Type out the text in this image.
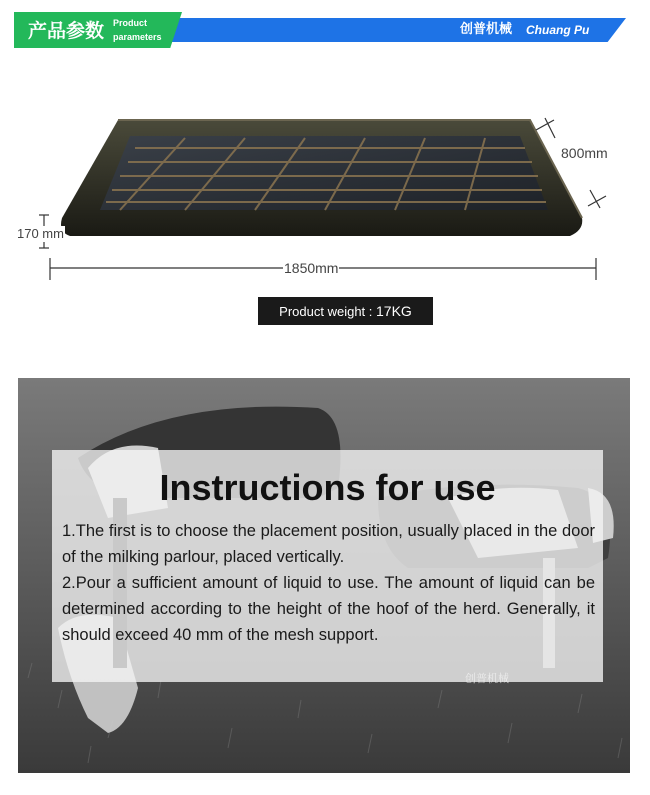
产品参数 Product
parameters	创普机械 Chuang Pu
800mm
170 mm
1850mm
Product weight : 17KG
Instructions for use

1.The first is to choose the placement position, usually placed in the door of the milking parlour, placed vertically.

2.Pour a sufficient amount of liquid to use. The amount of liquid can be determined according to the height of the hoof of the herd. Generally, it should exceed 40 mm of the mesh support.

创普机械
